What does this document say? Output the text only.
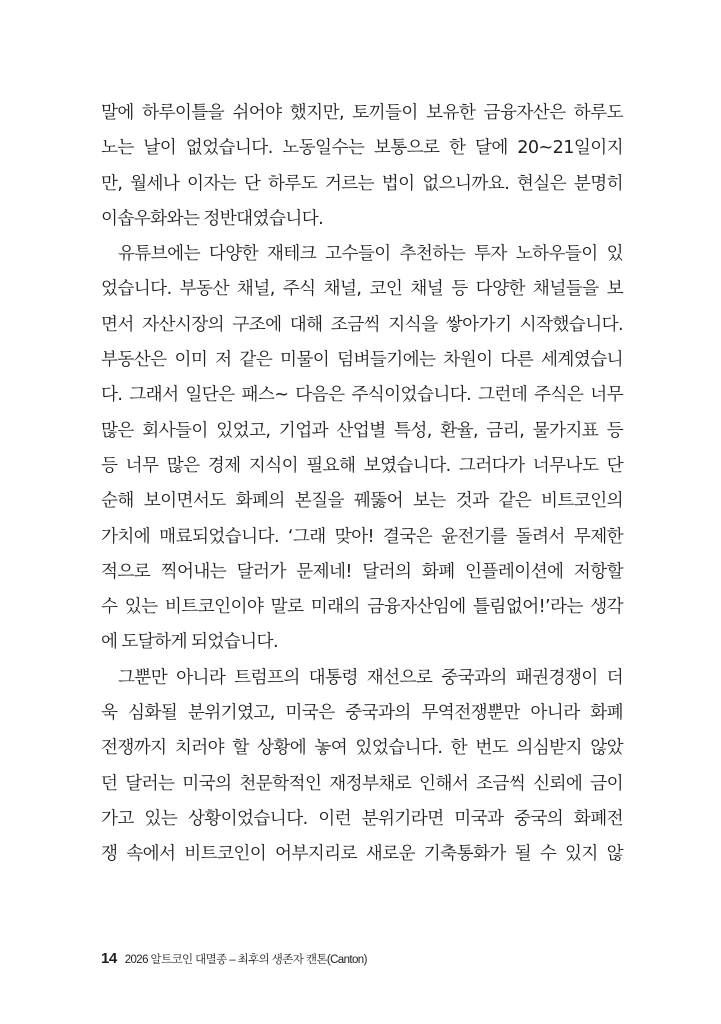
말에 하루이틀을 쉬어야 했지만, 토끼들이 보유한 금융자산은 하루도
노는 날이 없었습니다. 노동일수는 보통으로 한 달에 20~21일이지
만, 월세나 이자는 단 하루도 거르는 법이 없으니까요. 현실은 분명히
이솝우화와는 정반대였습니다.
유튜브에는 다양한 재테크 고수들이 추천하는 투자 노하우들이 있
었습니다. 부동산 채널, 주식 채널, 코인 채널 등 다양한 채널들을 보
면서 자산시장의 구조에 대해 조금씩 지식을 쌓아가기 시작했습니다.
부동산은 이미 저 같은 미물이 덤벼들기에는 차원이 다른 세계였습니
다. 그래서 일단은 패스~ 다음은 주식이었습니다. 그런데 주식은 너무
많은 회사들이 있었고, 기업과 산업별 특성, 환율, 금리, 물가지표 등
등 너무 많은 경제 지식이 필요해 보였습니다. 그러다가 너무나도 단
순해 보이면서도 화폐의 본질을 꿰뚫어 보는 것과 같은 비트코인의
가치에 매료되었습니다. ‘그래 맞아! 결국은 윤전기를 돌려서 무제한
적으로 찍어내는 달러가 문제네! 달러의 화폐 인플레이션에 저항할
수 있는 비트코인이야 말로 미래의 금융자산임에 틀림없어!’라는 생각
에 도달하게 되었습니다.
그뿐만 아니라 트럼프의 대통령 재선으로 중국과의 패권경쟁이 더
욱 심화될 분위기였고, 미국은 중국과의 무역전쟁뿐만 아니라 화폐
전쟁까지 치러야 할 상황에 놓여 있었습니다. 한 번도 의심받지 않았
던 달러는 미국의 천문학적인 재정부채로 인해서 조금씩 신뢰에 금이
가고 있는 상황이었습니다. 이런 분위기라면 미국과 중국의 화폐전
쟁 속에서 비트코인이 어부지리로 새로운 기축통화가 될 수 있지 않
14 2026 알트코인 대멸종 – 최후의 생존자 캔톤(Canton)
